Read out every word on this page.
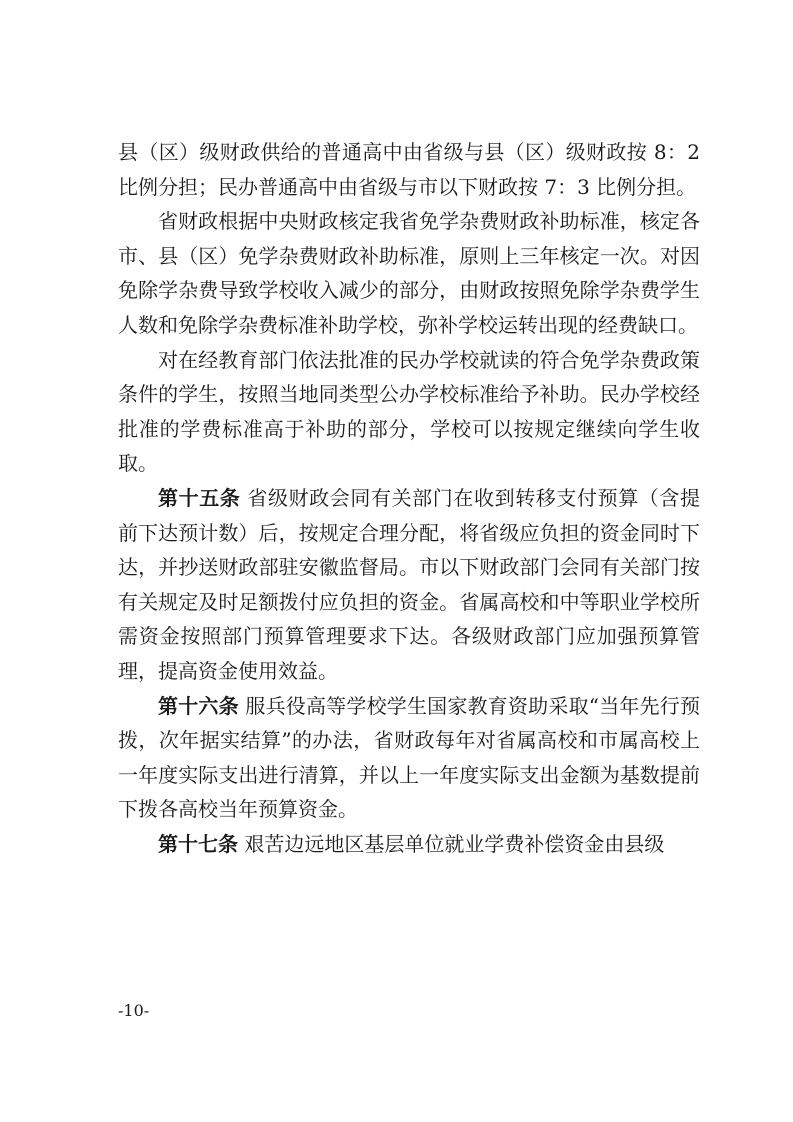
县（区）级财政供给的普通高中由省级与县（区）级财政按 8：2 比例分担；民办普通高中由省级与市以下财政按 7：3 比例分担。

省财政根据中央财政核定我省免学杂费财政补助标准，核定各市、县（区）免学杂费财政补助标准，原则上三年核定一次。对因免除学杂费导致学校收入减少的部分，由财政按照免除学杂费学生人数和免除学杂费标准补助学校，弥补学校运转出现的经费缺口。

对在经教育部门依法批准的民办学校就读的符合免学杂费政策条件的学生，按照当地同类型公办学校标准给予补助。民办学校经批准的学费标准高于补助的部分，学校可以按规定继续向学生收取。

第十五条 省级财政会同有关部门在收到转移支付预算（含提前下达预计数）后，按规定合理分配，将省级应负担的资金同时下达，并抄送财政部驻安徽监督局。市以下财政部门会同有关部门按有关规定及时足额拨付应负担的资金。省属高校和中等职业学校所需资金按照部门预算管理要求下达。各级财政部门应加强预算管理，提高资金使用效益。

第十六条 服兵役高等学校学生国家教育资助采取“当年先行预拨，次年据实结算”的办法，省财政每年对省属高校和市属高校上一年度实际支出进行清算，并以上一年度实际支出金额为基数提前下拨各高校当年预算资金。

第十七条 艰苦边远地区基层单位就业学费补偿资金由县级

-10-
